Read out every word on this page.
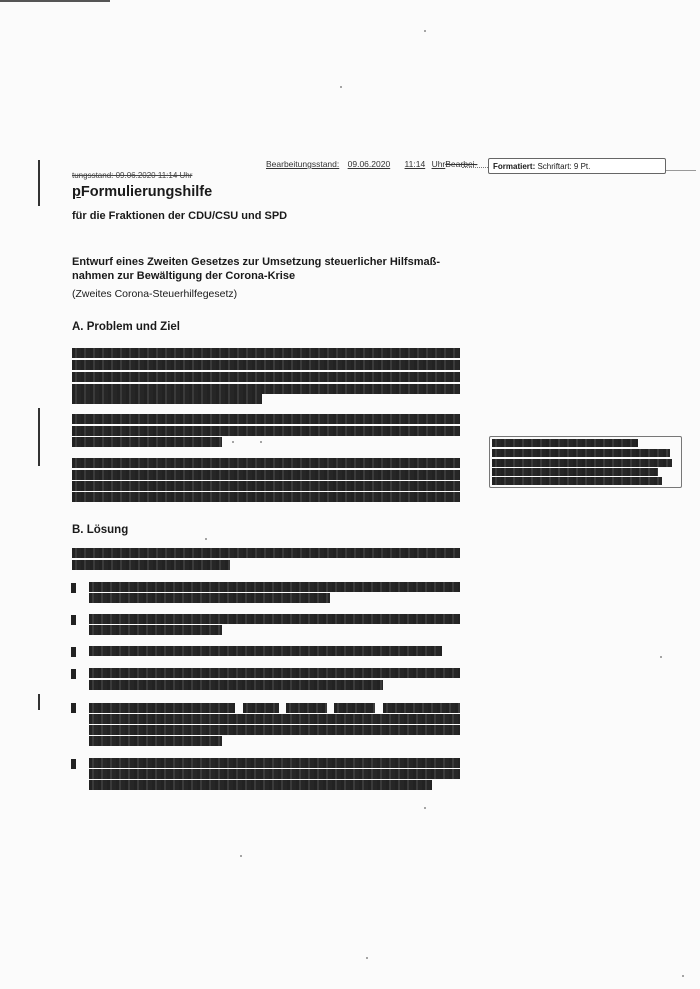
Bearbeitungsstand: 09.06.2020 11:14 UhrBearbei-
tungsstand: 09.06.2020 11:14 Uhr
Formatiert: Schriftart: 9 Pt.
pFormulierungshilfe
für die Fraktionen der CDU/CSU und SPD
Entwurf eines Zweiten Gesetzes zur Umsetzung steuerlicher Hilfsmaß-
nahmen zur Bewältigung der Corona-Krise
(Zweites Corona-Steuerhilfegesetz)
A. Problem und Ziel
B. Lösung
